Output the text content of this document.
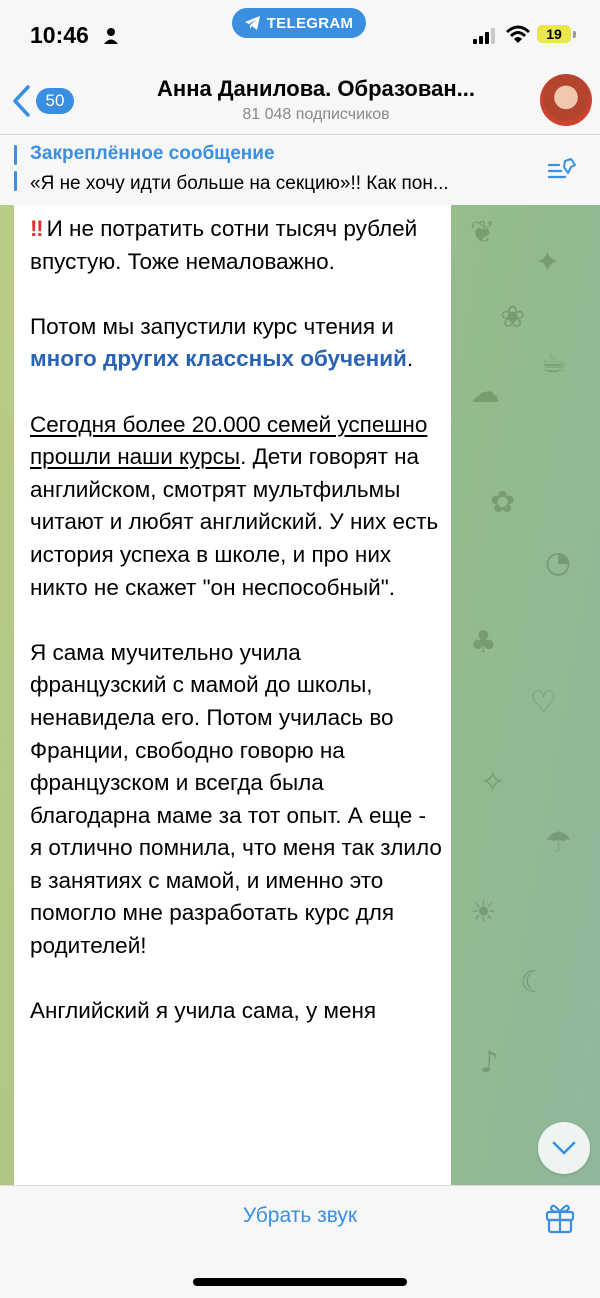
10:46	TELEGRAM
19
50	Анна Данилова. Образован...
81 048 подписчиков
Закреплённое сообщение
«Я не хочу идти больше на секцию»!! Как пон...
❦
✦
❀
☁
☕
✿
◔
♣
♡
✧
☂
☀
☾
♪

‼ И не потратить сотни тысяч рублей впустую. Тоже немаловажно.

Потом мы запустили курс чтения и много других классных обучений.

Сегодня более 20.000 семей успешно прошли наши курсы. Дети говорят на английском, смотрят мультфильмы читают и любят английский. У них есть история успеха в школе, и про них никто не скажет "он неспособный".

Я сама мучительно учила французский с мамой до школы, ненавидела его. Потом училась во Франции, свободно говорю на французском и всегда была благодарна маме за тот опыт. А еще - я отлично помнила, что меня так злило в занятиях с мамой, и именно это помогло мне разработать курс для родителей!

Английский я учила сама, у меня

Убрать звук
